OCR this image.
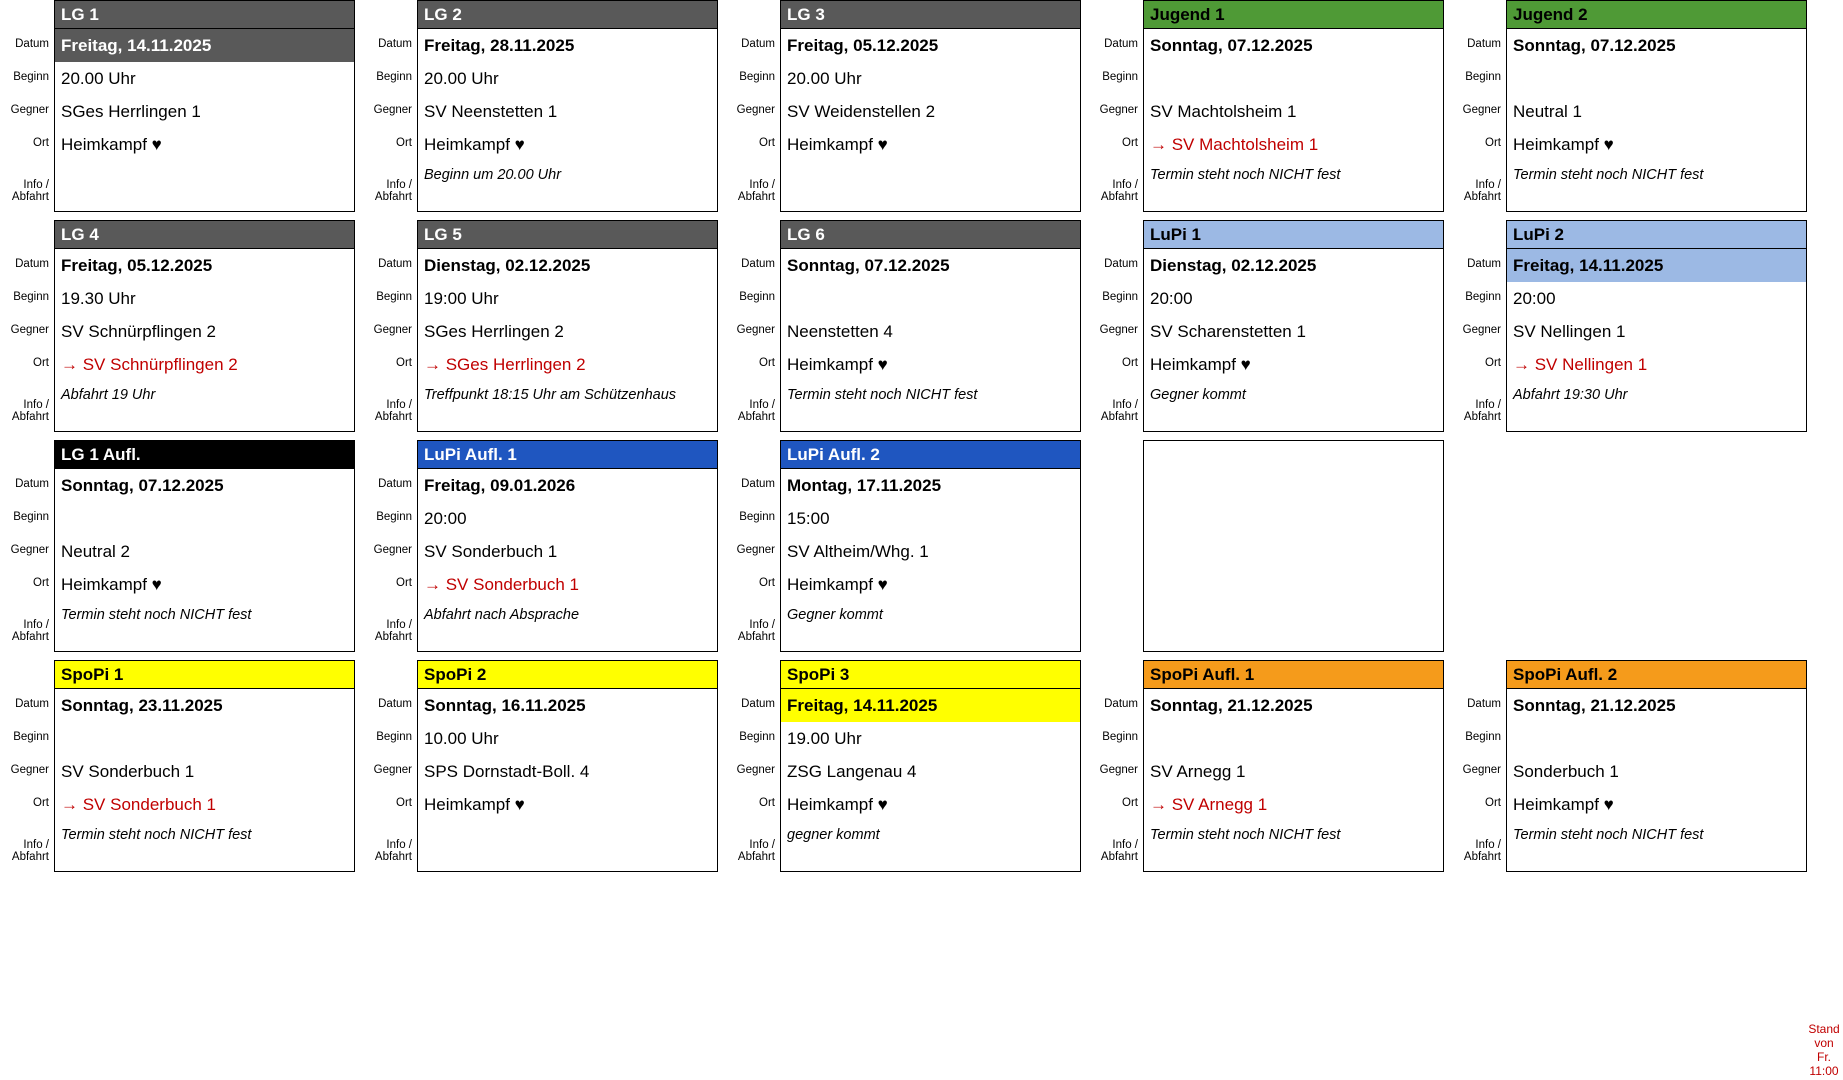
Datum
Beginn
Gegner
Ort
Info /
Abfahrt
LG 1
Freitag, 14.11.2025
20.00 Uhr
SGes Herrlingen 1
Heimkampf ♥
Datum
Beginn
Gegner
Ort
Info /
Abfahrt
LG 2
Freitag, 28.11.2025
20.00 Uhr
SV Neenstetten 1
Heimkampf ♥
Beginn um 20.00 Uhr
Datum
Beginn
Gegner
Ort
Info /
Abfahrt
LG 3
Freitag, 05.12.2025
20.00 Uhr
SV Weidenstellen 2
Heimkampf ♥
Datum
Beginn
Gegner
Ort
Info /
Abfahrt
Jugend 1
Sonntag, 07.12.2025
SV Machtolsheim 1
→ SV Machtolsheim 1
Termin steht noch NICHT fest
Datum
Beginn
Gegner
Ort
Info /
Abfahrt
Jugend 2
Sonntag, 07.12.2025
Neutral 1
Heimkampf ♥
Termin steht noch NICHT fest
Datum
Beginn
Gegner
Ort
Info /
Abfahrt
LG 4
Freitag, 05.12.2025
19.30 Uhr
SV Schnürpflingen 2
→ SV Schnürpflingen 2
Abfahrt 19 Uhr
Datum
Beginn
Gegner
Ort
Info /
Abfahrt
LG 5
Dienstag, 02.12.2025
19:00 Uhr
SGes Herrlingen 2
→ SGes Herrlingen 2
Treffpunkt 18:15 Uhr am Schützenhaus
Datum
Beginn
Gegner
Ort
Info /
Abfahrt
LG 6
Sonntag, 07.12.2025
Neenstetten 4
Heimkampf ♥
Termin steht noch NICHT fest
Datum
Beginn
Gegner
Ort
Info /
Abfahrt
LuPi 1
Dienstag, 02.12.2025
20:00
SV Scharenstetten 1
Heimkampf ♥
Gegner kommt
Datum
Beginn
Gegner
Ort
Info /
Abfahrt
LuPi 2
Freitag, 14.11.2025
20:00
SV Nellingen 1
→ SV Nellingen 1
Abfahrt 19:30 Uhr
Datum
Beginn
Gegner
Ort
Info /
Abfahrt
LG 1 Aufl.
Sonntag, 07.12.2025
Neutral 2
Heimkampf ♥
Termin steht noch NICHT fest
Datum
Beginn
Gegner
Ort
Info /
Abfahrt
LuPi Aufl. 1
Freitag, 09.01.2026
20:00
SV Sonderbuch 1
→ SV Sonderbuch 1
Abfahrt nach Absprache
Datum
Beginn
Gegner
Ort
Info /
Abfahrt
LuPi Aufl. 2
Montag, 17.11.2025
15:00
SV Altheim/Whg. 1
Heimkampf ♥
Gegner kommt
Datum
Beginn
Gegner
Ort
Info /
Abfahrt
SpoPi 1
Sonntag, 23.11.2025
SV Sonderbuch 1
→ SV Sonderbuch 1
Termin steht noch NICHT fest
Datum
Beginn
Gegner
Ort
Info /
Abfahrt
SpoPi 2
Sonntag, 16.11.2025
10.00 Uhr
SPS Dornstadt-Boll. 4
Heimkampf ♥
Datum
Beginn
Gegner
Ort
Info /
Abfahrt
SpoPi 3
Freitag, 14.11.2025
19.00 Uhr
ZSG Langenau 4
Heimkampf ♥
gegner kommt
Datum
Beginn
Gegner
Ort
Info /
Abfahrt
SpoPi Aufl. 1
Sonntag, 21.12.2025
SV Arnegg 1
→ SV Arnegg 1
Termin steht noch NICHT fest
Datum
Beginn
Gegner
Ort
Info /
Abfahrt
SpoPi Aufl. 2
Sonntag, 21.12.2025
Sonderbuch 1
Heimkampf ♥
Termin steht noch NICHT fest
Stand
von
Fr.
11:00
